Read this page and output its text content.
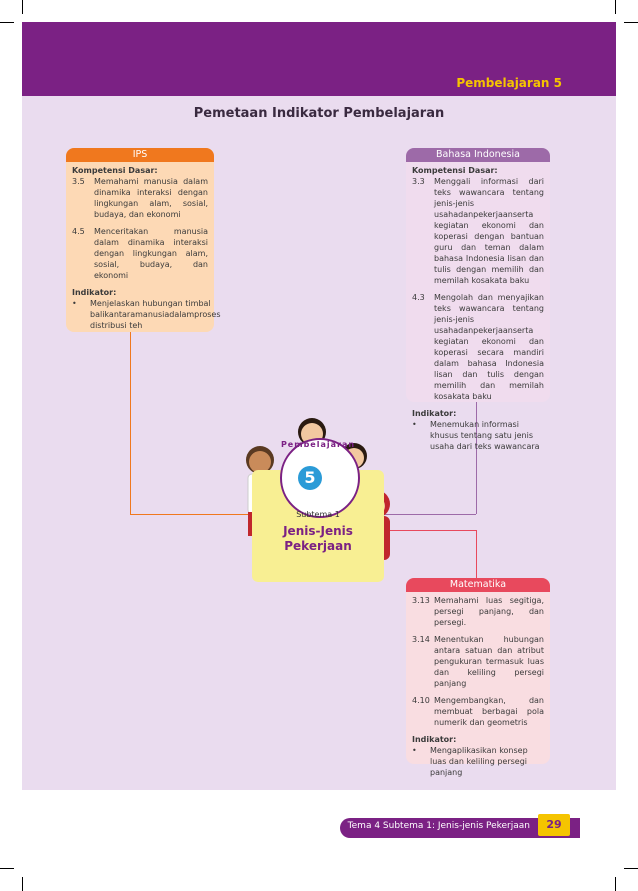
Pembelajaran 5
Pemetaan Indikator Pembelajaran
IPS
Kompetensi Dasar:
3.5	Memahami manusia dalam dinamika interaksi dengan lingkungan alam, sosial, budaya, dan ekonomi
4.5	Menceritakan manusia dalam dinamika interaksi dengan lingkungan alam, sosial, budaya, dan ekonomi
Indikator:
•	Menjelaskan hubungan timbal balikantaramanusiadalamproses distribusi teh
Bahasa Indonesia
Kompetensi Dasar:
3.3	Menggali informasi dari teks wawancara tentang jenis-jenis usahadanpekerjaanserta kegiatan ekonomi dan koperasi dengan bantuan guru dan teman dalam bahasa Indonesia lisan dan tulis dengan memilih dan memilah kosakata baku
4.3	Mengolah dan menyajikan teks wawancara tentang jenis-jenis usahadanpekerjaanserta kegiatan ekonomi dan koperasi secara mandiri dalam bahasa Indonesia lisan dan tulis dengan memilih dan memilah kosakata baku
Indikator:
•	Menemukan informasi khusus tentang satu jenis usaha dari teks wawancara
Matematika
3.13 Memahami luas segitiga, persegi panjang, dan persegi.
3.14 Menentukan hubungan antara satuan dan atribut pengukuran termasuk luas dan keliling persegi panjang
4.10 Mengembangkan, dan membuat berbagai pola numerik dan geometris
Indikator:
•	Mengaplikasikan konsep luas dan keliling persegi panjang
Pembelajaran
5
Subtema 1
Jenis-Jenis
Pekerjaan
Tema 4 Subtema 1: Jenis-jenis Pekerjaan	29
